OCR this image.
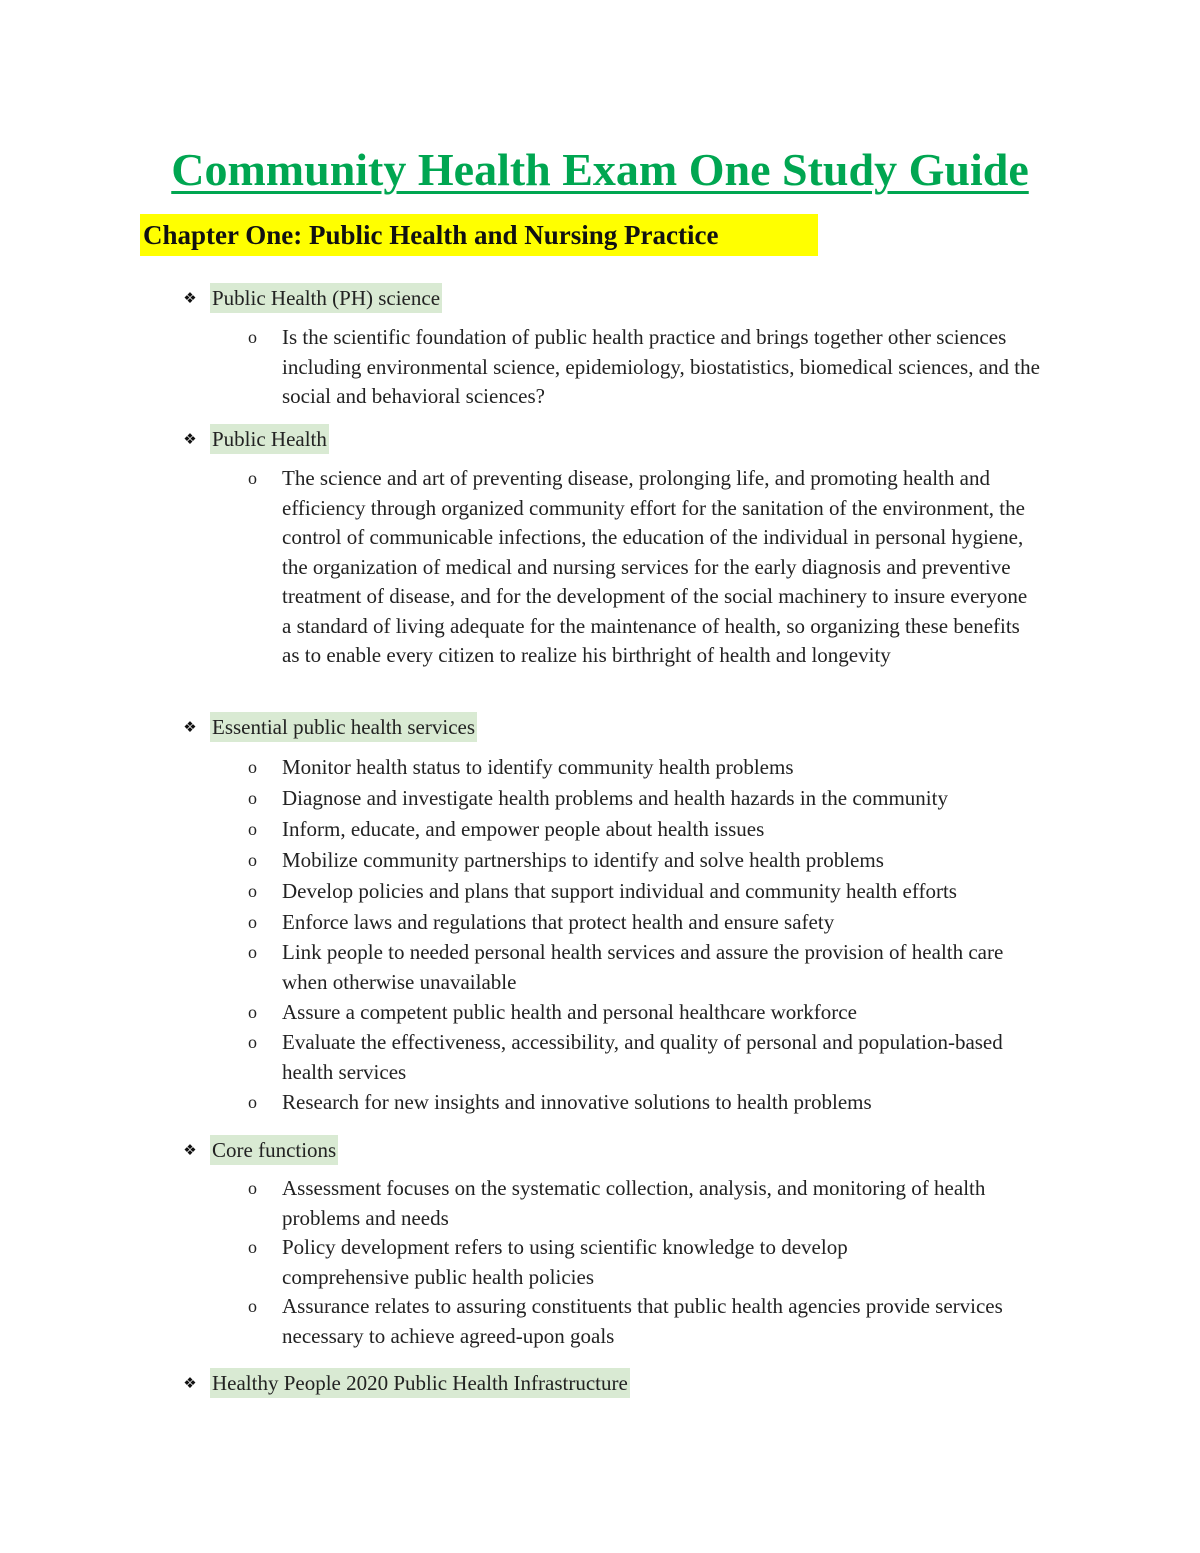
Community Health Exam One Study Guide
Chapter One: Public Health and Nursing Practice
❖ Public Health (PH) science
o Is the scientific foundation of public health practice and brings together other sciences including environmental science, epidemiology, biostatistics, biomedical sciences, and the social and behavioral sciences?
❖ Public Health
o The science and art of preventing disease, prolonging life, and promoting health and efficiency through organized community effort for the sanitation of the environment, the control of communicable infections, the education of the individual in personal hygiene, the organization of medical and nursing services for the early diagnosis and preventive treatment of disease, and for the development of the social machinery to insure everyone a standard of living adequate for the maintenance of health, so organizing these benefits as to enable every citizen to realize his birthright of health and longevity
❖ Essential public health services
o Monitor health status to identify community health problems
o Diagnose and investigate health problems and health hazards in the community
o Inform, educate, and empower people about health issues
o Mobilize community partnerships to identify and solve health problems
o Develop policies and plans that support individual and community health efforts
o Enforce laws and regulations that protect health and ensure safety
o Link people to needed personal health services and assure the provision of health care when otherwise unavailable
o Assure a competent public health and personal healthcare workforce
o Evaluate the effectiveness, accessibility, and quality of personal and population-based health services
o Research for new insights and innovative solutions to health problems
❖ Core functions
o Assessment focuses on the systematic collection, analysis, and monitoring of health problems and needs
o Policy development refers to using scientific knowledge to develop comprehensive public health policies
o Assurance relates to assuring constituents that public health agencies provide services necessary to achieve agreed-upon goals
❖ Healthy People 2020 Public Health Infrastructure
